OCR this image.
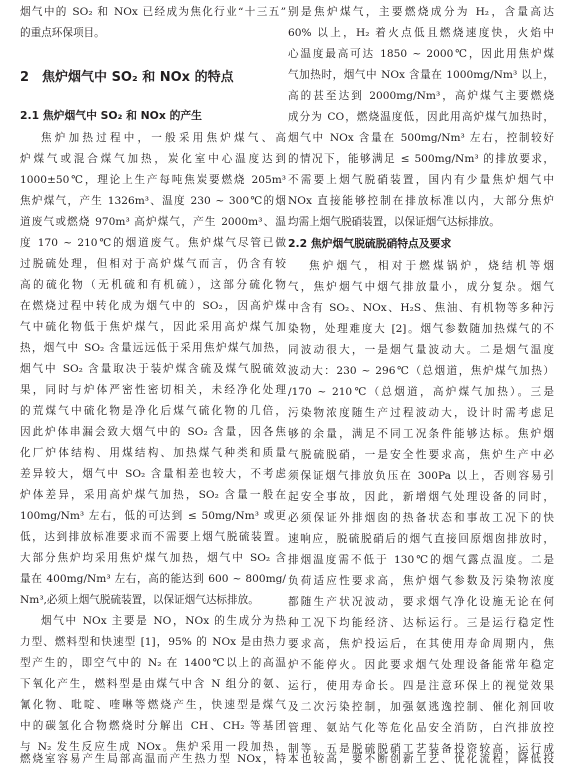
烟气中的 SO₂ 和 NOx 已经成为焦化行业“十三五”
的重点环保项目。
2　焦炉烟气中 SO₂ 和 NOx 的特点
2.1 焦炉烟气中 SO₂ 和 NOx 的产生
焦炉加热过程中，一般采用焦炉煤气、高
炉煤气或混合煤气加热，炭化室中心温度达到
1000±50℃，理论上生产每吨焦炭要燃烧 205m³
焦炉煤气，产生 1326m³、温度 230 ~ 300℃的烟
道废气或燃烧 970m³ 高炉煤气，产生 2000m³、温
度 170 ~ 210℃的烟道废气。焦炉煤气尽管已做
过脱硫处理，但相对于高炉煤气而言，仍含有较
高的硫化物（无机硫和有机硫），这部分硫化物
在燃烧过程中转化成为烟气中的 SO₂，因高炉煤
气中硫化物低于焦炉煤气，因此采用高炉煤气加
热，烟气中 SO₂ 含量远远低于采用焦炉煤气加热，
烟气中 SO₂ 含量取决于装炉煤含硫及煤气脱硫效
果，同时与炉体严密性密切相关，未经净化处理
的荒煤气中硫化物是净化后煤气硫化物的几倍，
因此炉体串漏会致大烟气中的 SO₂ 含量，因各焦
化厂炉体结构、用煤结构、加热煤气种类和质量
差异较大，烟气中 SO₂ 含量相差也较大，不考虑
炉体差异，采用高炉煤气加热，SO₂ 含量一般在
100mg/Nm³ 左右，低的可达到 ≤ 50mg/Nm³ 或更
低，达到排放标准要求而不需要上烟气脱硫装置。
大部分焦炉均采用焦炉煤气加热，烟气中 SO₂ 含
量在 400mg/Nm³ 左右，高的能达到 600 ~ 800mg/
Nm³,必须上烟气脱硫装置，以保证烟气达标排放。
烟气中 NOx 主要是 NO，NOx 的生成分为热
力型、燃料型和快速型 [1]，95% 的 NOx 是由热力
型产生的，即空气中的 N₂ 在 1400℃以上的高温
下氧化产生，燃料型是由煤气中含 N 组分的氨、
氰化物、吡啶、喹啉等燃烧产生，快速型是煤气
中的碳氢化合物燃烧时分解出 CH、CH₂ 等基团
与 N₂ 发生反应生成 NOx。焦炉采用一段加热，
燃烧室容易产生局部高温而产生热力型 NOx，特
别是焦炉煤气，主要燃烧成分为 H₂，含量高达
60% 以上，H₂ 着火点低且燃烧速度快，火焰中
心温度最高可达 1850 ~ 2000℃，因此用焦炉煤
气加热时，烟气中 NOx 含量在 1000mg/Nm³ 以上，
高的甚至达到 2000mg/Nm³，高炉煤气主要燃烧
成分为 CO，燃烧温度低，因此用高炉煤气加热时，
烟气中 NOx 含量在 500mg/Nm³ 左右，控制较好
的情况下，能够满足 ≤ 500mg/Nm³ 的排放要求，
不需要上烟气脱硝装置，国内有少量焦炉烟气中
NOx 直接能够控制在排放标准以内，大部分焦炉
均需上烟气脱硝装置，以保证烟气达标排放。
2.2 焦炉烟气脱硫脱硝特点及要求
焦炉烟气，相对于燃煤锅炉，烧结机等烟
气，焦炉烟气中烟气排放量小，成分复杂。烟气
中含有 SO₂、NOx、H₂S、焦油、有机物等多种污
染物，处理难度大 [2]。烟气参数随加热煤气的不
同波动很大，一是烟气量波动大。二是烟气温度
波动大：230 ~ 296℃（总烟道，焦炉煤气加热）
/170 ~ 210℃（总烟道，高炉煤气加热）。三是
污染物浓度随生产过程波动大，设计时需考虑足
够的余量，满足不同工况条件能够达标。焦炉烟
气脱硫脱硝，一是安全性要求高，焦炉生产中必
须保证烟气排放负压在 300Pa 以上，否则容易引
起安全事故，因此，新增烟气处理设备的同时，
必须保证外排烟囱的热备状态和事故工况下的快
速响应，脱硫脱硝后的烟气直接回原烟囱排放时，
排烟温度需不低于 130℃的烟气露点温度。二是
负荷适应性要求高，焦炉烟气参数及污染物浓度
都随生产状况波动，要求烟气净化设施无论在何
种工况下均能经济、达标运行。三是运行稳定性
要求高，焦炉投运后，在其使用寿命周期内，焦
炉不能停火。因此要求烟气处理设备能常年稳定
运行，使用寿命长。四是注意环保上的视觉效果
及二次污染控制，加强氨逃逸控制、催化剂回收
管理、氨站气化等危化品安全消防，白汽排放控
制等。五是脱硫脱硝工艺装备投资较高，运行成
本也较高，要不断创新工艺、优化流程，降低投
